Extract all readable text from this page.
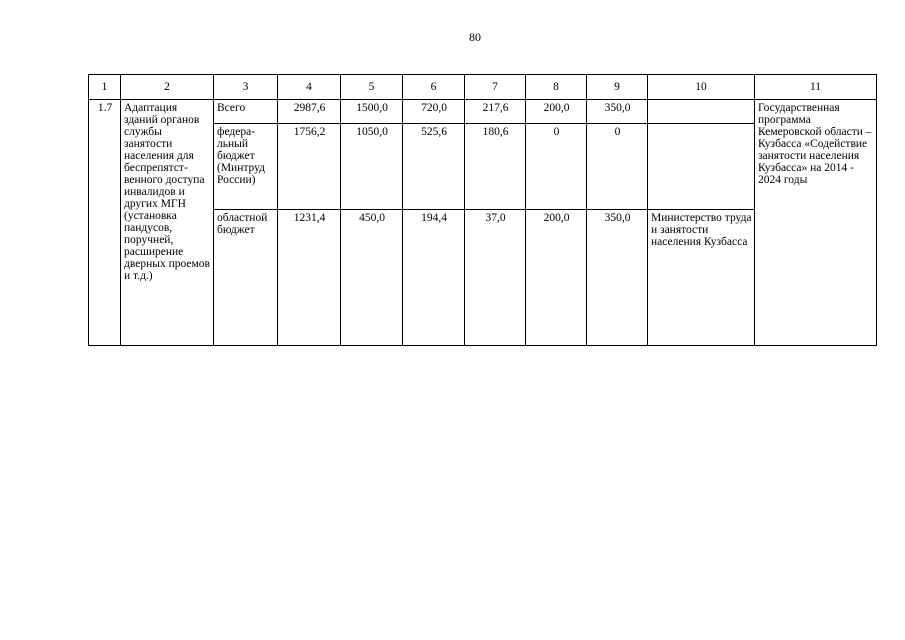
80
1	2	3	4	5	6	7	8	9	10	11
1.7	Адаптация зданий органов службы занятости населения для беспрепятст-венного доступа инвалидов и других МГН (установка пандусов, поручней, расширение дверных проемов и т.д.)	Всего	2987,6	1500,0	720,0	217,6	200,0	350,0		Государственная программа Кемеровской области – Кузбасса «Содействие занятости населения Кузбасса» на 2014 - 2024 годы
		федера-льный бюджет (Минтруд России)	1756,2	1050,0	525,6	180,6	0	0		
		областной бюджет	1231,4	450,0	194,4	37,0	200,0	350,0	Министерство труда и занятости населения Кузбасса	
